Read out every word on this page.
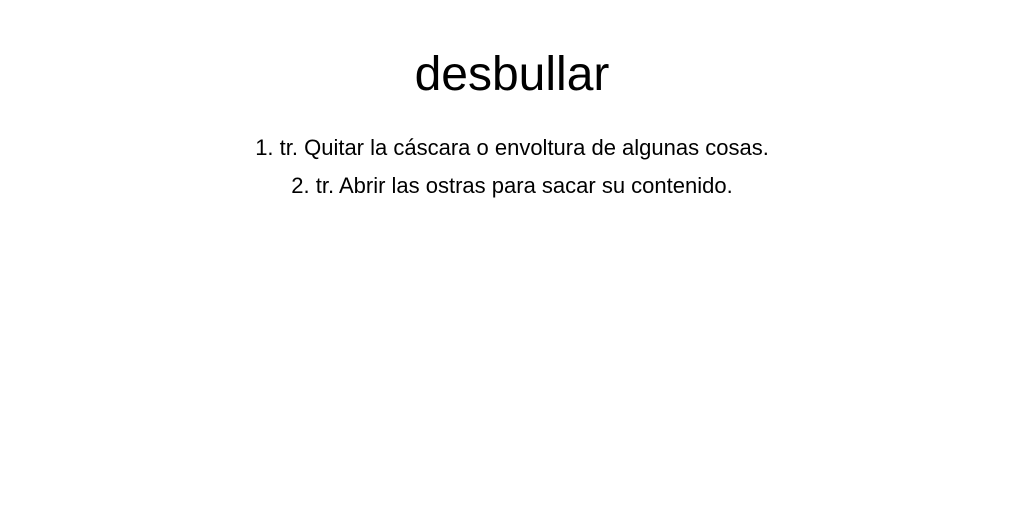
desbullar
1. tr. Quitar la cáscara o envoltura de algunas cosas.
2. tr. Abrir las ostras para sacar su contenido.
